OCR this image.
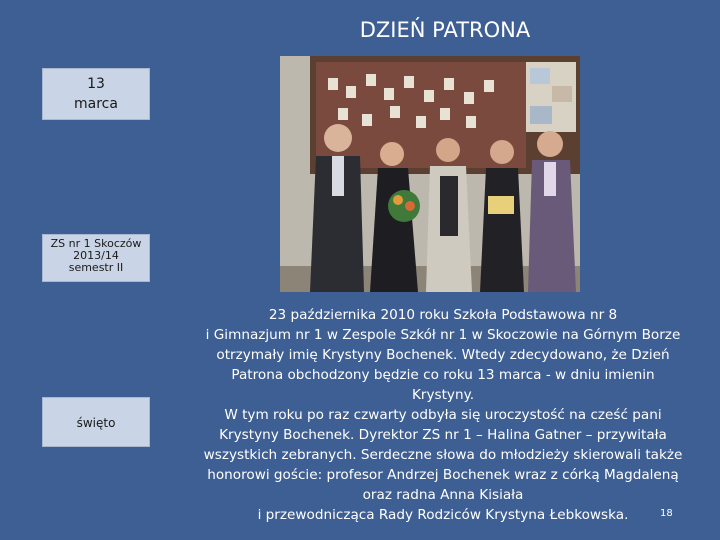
DZIEŃ PATRONA
13
marca
ZS nr 1 Skoczów
2013/14
semestr II
święto
23 października 2010 roku Szkoła Podstawowa nr 8
i Gimnazjum nr 1 w Zespole Szkół nr 1 w Skoczowie na Górnym Borze
otrzymały imię Krystyny Bochenek. Wtedy zdecydowano, że Dzień
Patrona obchodzony będzie co roku 13 marca - w dniu imienin
Krystyny.
W tym roku po raz czwarty odbyła się uroczystość na cześć pani
Krystyny Bochenek. Dyrektor ZS nr 1 – Halina Gatner – przywitała
wszystkich zebranych. Serdeczne słowa do młodzieży skierowali także
honorowi goście: profesor Andrzej Bochenek wraz z córką Magdaleną
oraz radna Anna Kisiała
i przewodnicząca Rady Rodziców Krystyna Łebkowska.	18
